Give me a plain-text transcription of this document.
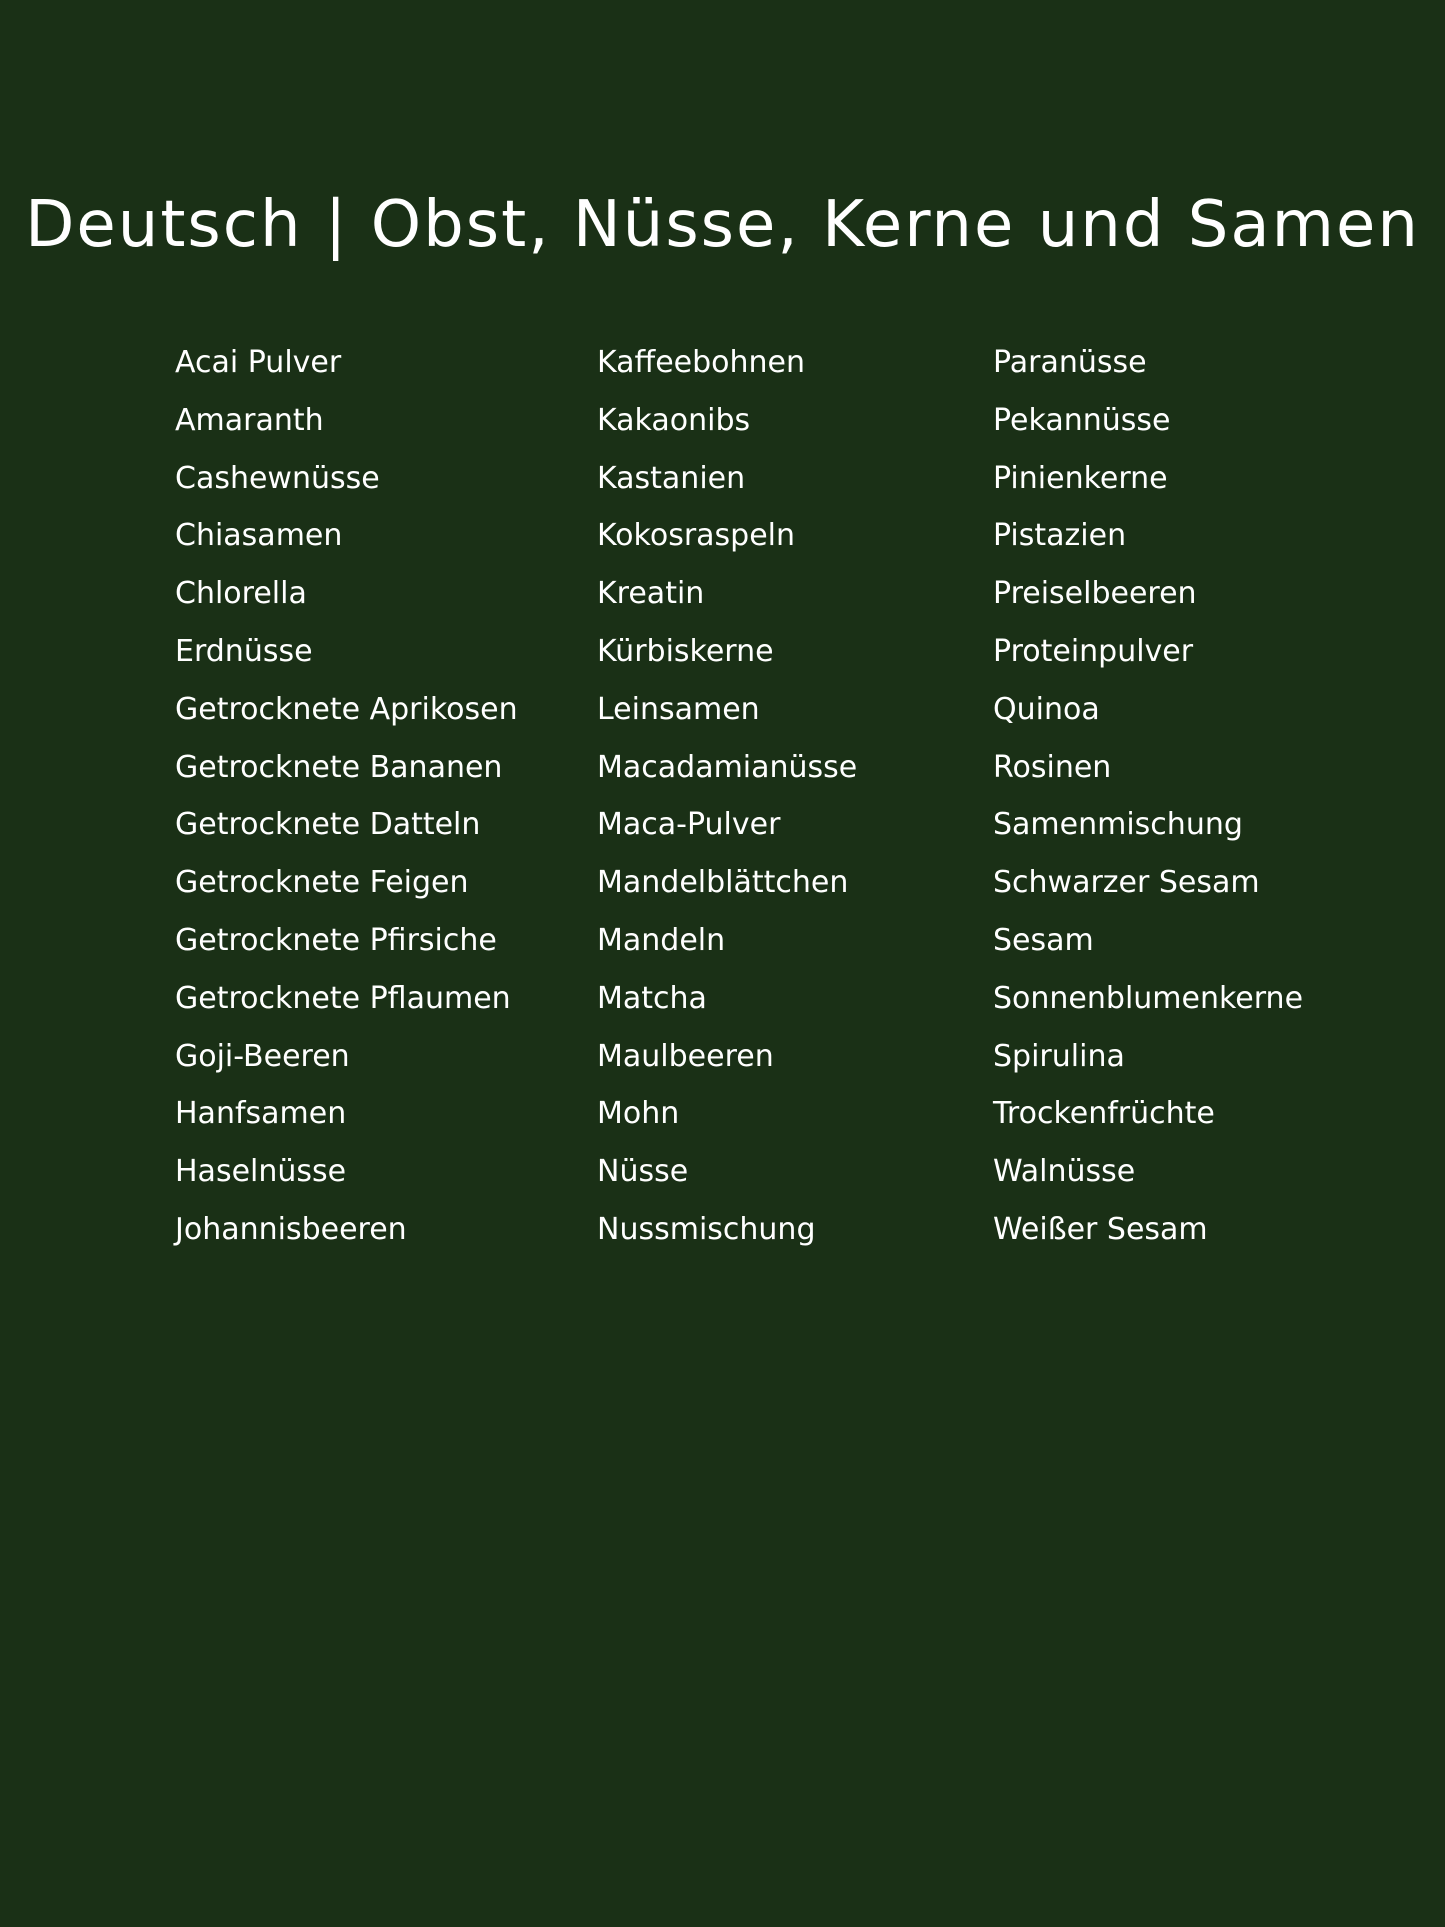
Deutsch | Obst, Nüsse, Kerne und Samen
Acai Pulver
Amaranth
Cashewnüsse
Chiasamen
Chlorella
Erdnüsse
Getrocknete Aprikosen
Getrocknete Bananen
Getrocknete Datteln
Getrocknete Feigen
Getrocknete Pfirsiche
Getrocknete Pflaumen
Goji-Beeren
Hanfsamen
Haselnüsse
Johannisbeeren
Kaffeebohnen
Kakaonibs
Kastanien
Kokosraspeln
Kreatin
Kürbiskerne
Leinsamen
Macadamianüsse
Maca-Pulver
Mandelblättchen
Mandeln
Matcha
Maulbeeren
Mohn
Nüsse
Nussmischung
Paranüsse
Pekannüsse
Pinienkerne
Pistazien
Preiselbeeren
Proteinpulver
Quinoa
Rosinen
Samenmischung
Schwarzer Sesam
Sesam
Sonnenblumenkerne
Spirulina
Trockenfrüchte
Walnüsse
Weißer Sesam
